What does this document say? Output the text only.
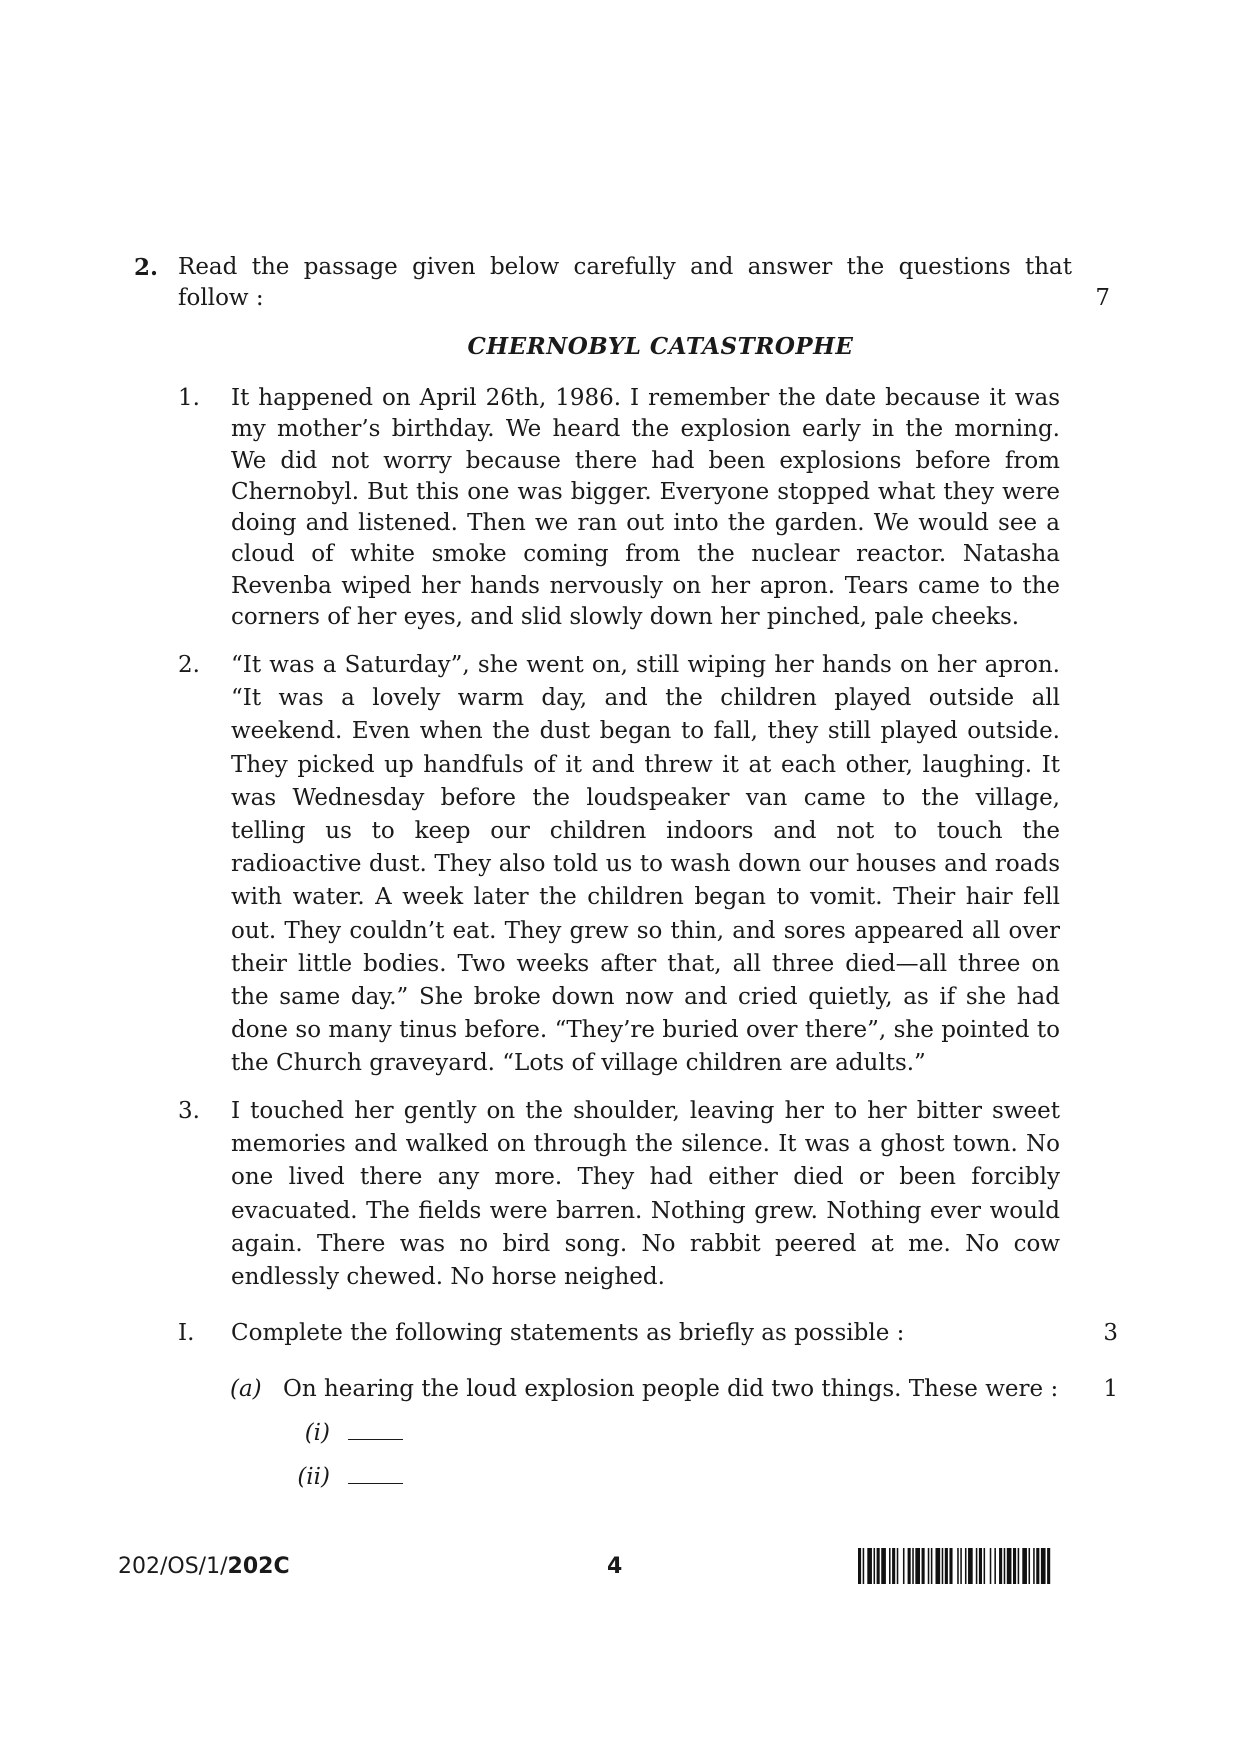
2. Read the passage given below carefully and answer the questions that
follow :	7
CHERNOBYL CATASTROPHE
1. It happened on April 26th, 1986. I remember the date because it was my mother’s birthday. We heard the explosion early in the morning. We did not worry because there had been explosions before from Chernobyl. But this one was bigger. Everyone stopped what they were doing and listened. Then we ran out into the garden. We would see a cloud of white smoke coming from the nuclear reactor. Natasha Revenba wiped her hands nervously on her apron. Tears came to the corners of her eyes, and slid slowly down her pinched, pale cheeks.
2. “It was a Saturday”, she went on, still wiping her hands on her apron. “It was a lovely warm day, and the children played outside all weekend. Even when the dust began to fall, they still played outside. They picked up handfuls of it and threw it at each other, laughing. It was Wednesday before the loudspeaker van came to the village, telling us to keep our children indoors and not to touch the radioactive dust. They also told us to wash down our houses and roads with water. A week later the children began to vomit. Their hair fell out. They couldn’t eat. They grew so thin, and sores appeared all over their little bodies. Two weeks after that, all three died—all three on the same day.” She broke down now and cried quietly, as if she had done so many tinus before. “They’re buried over there”, she pointed to the Church graveyard. “Lots of village children are adults.”
3. I touched her gently on the shoulder, leaving her to her bitter sweet memories and walked on through the silence. It was a ghost town. No one lived there any more. They had either died or been forcibly evacuated. The fields were barren. Nothing grew. Nothing ever would again. There was no bird song. No rabbit peered at me. No cow endlessly chewed. No horse neighed.
I. Complete the following statements as briefly as possible :	3
(a) On hearing the loud explosion people did two things. These were : 1
(i)
(ii)
202/OS/1/202C	4
